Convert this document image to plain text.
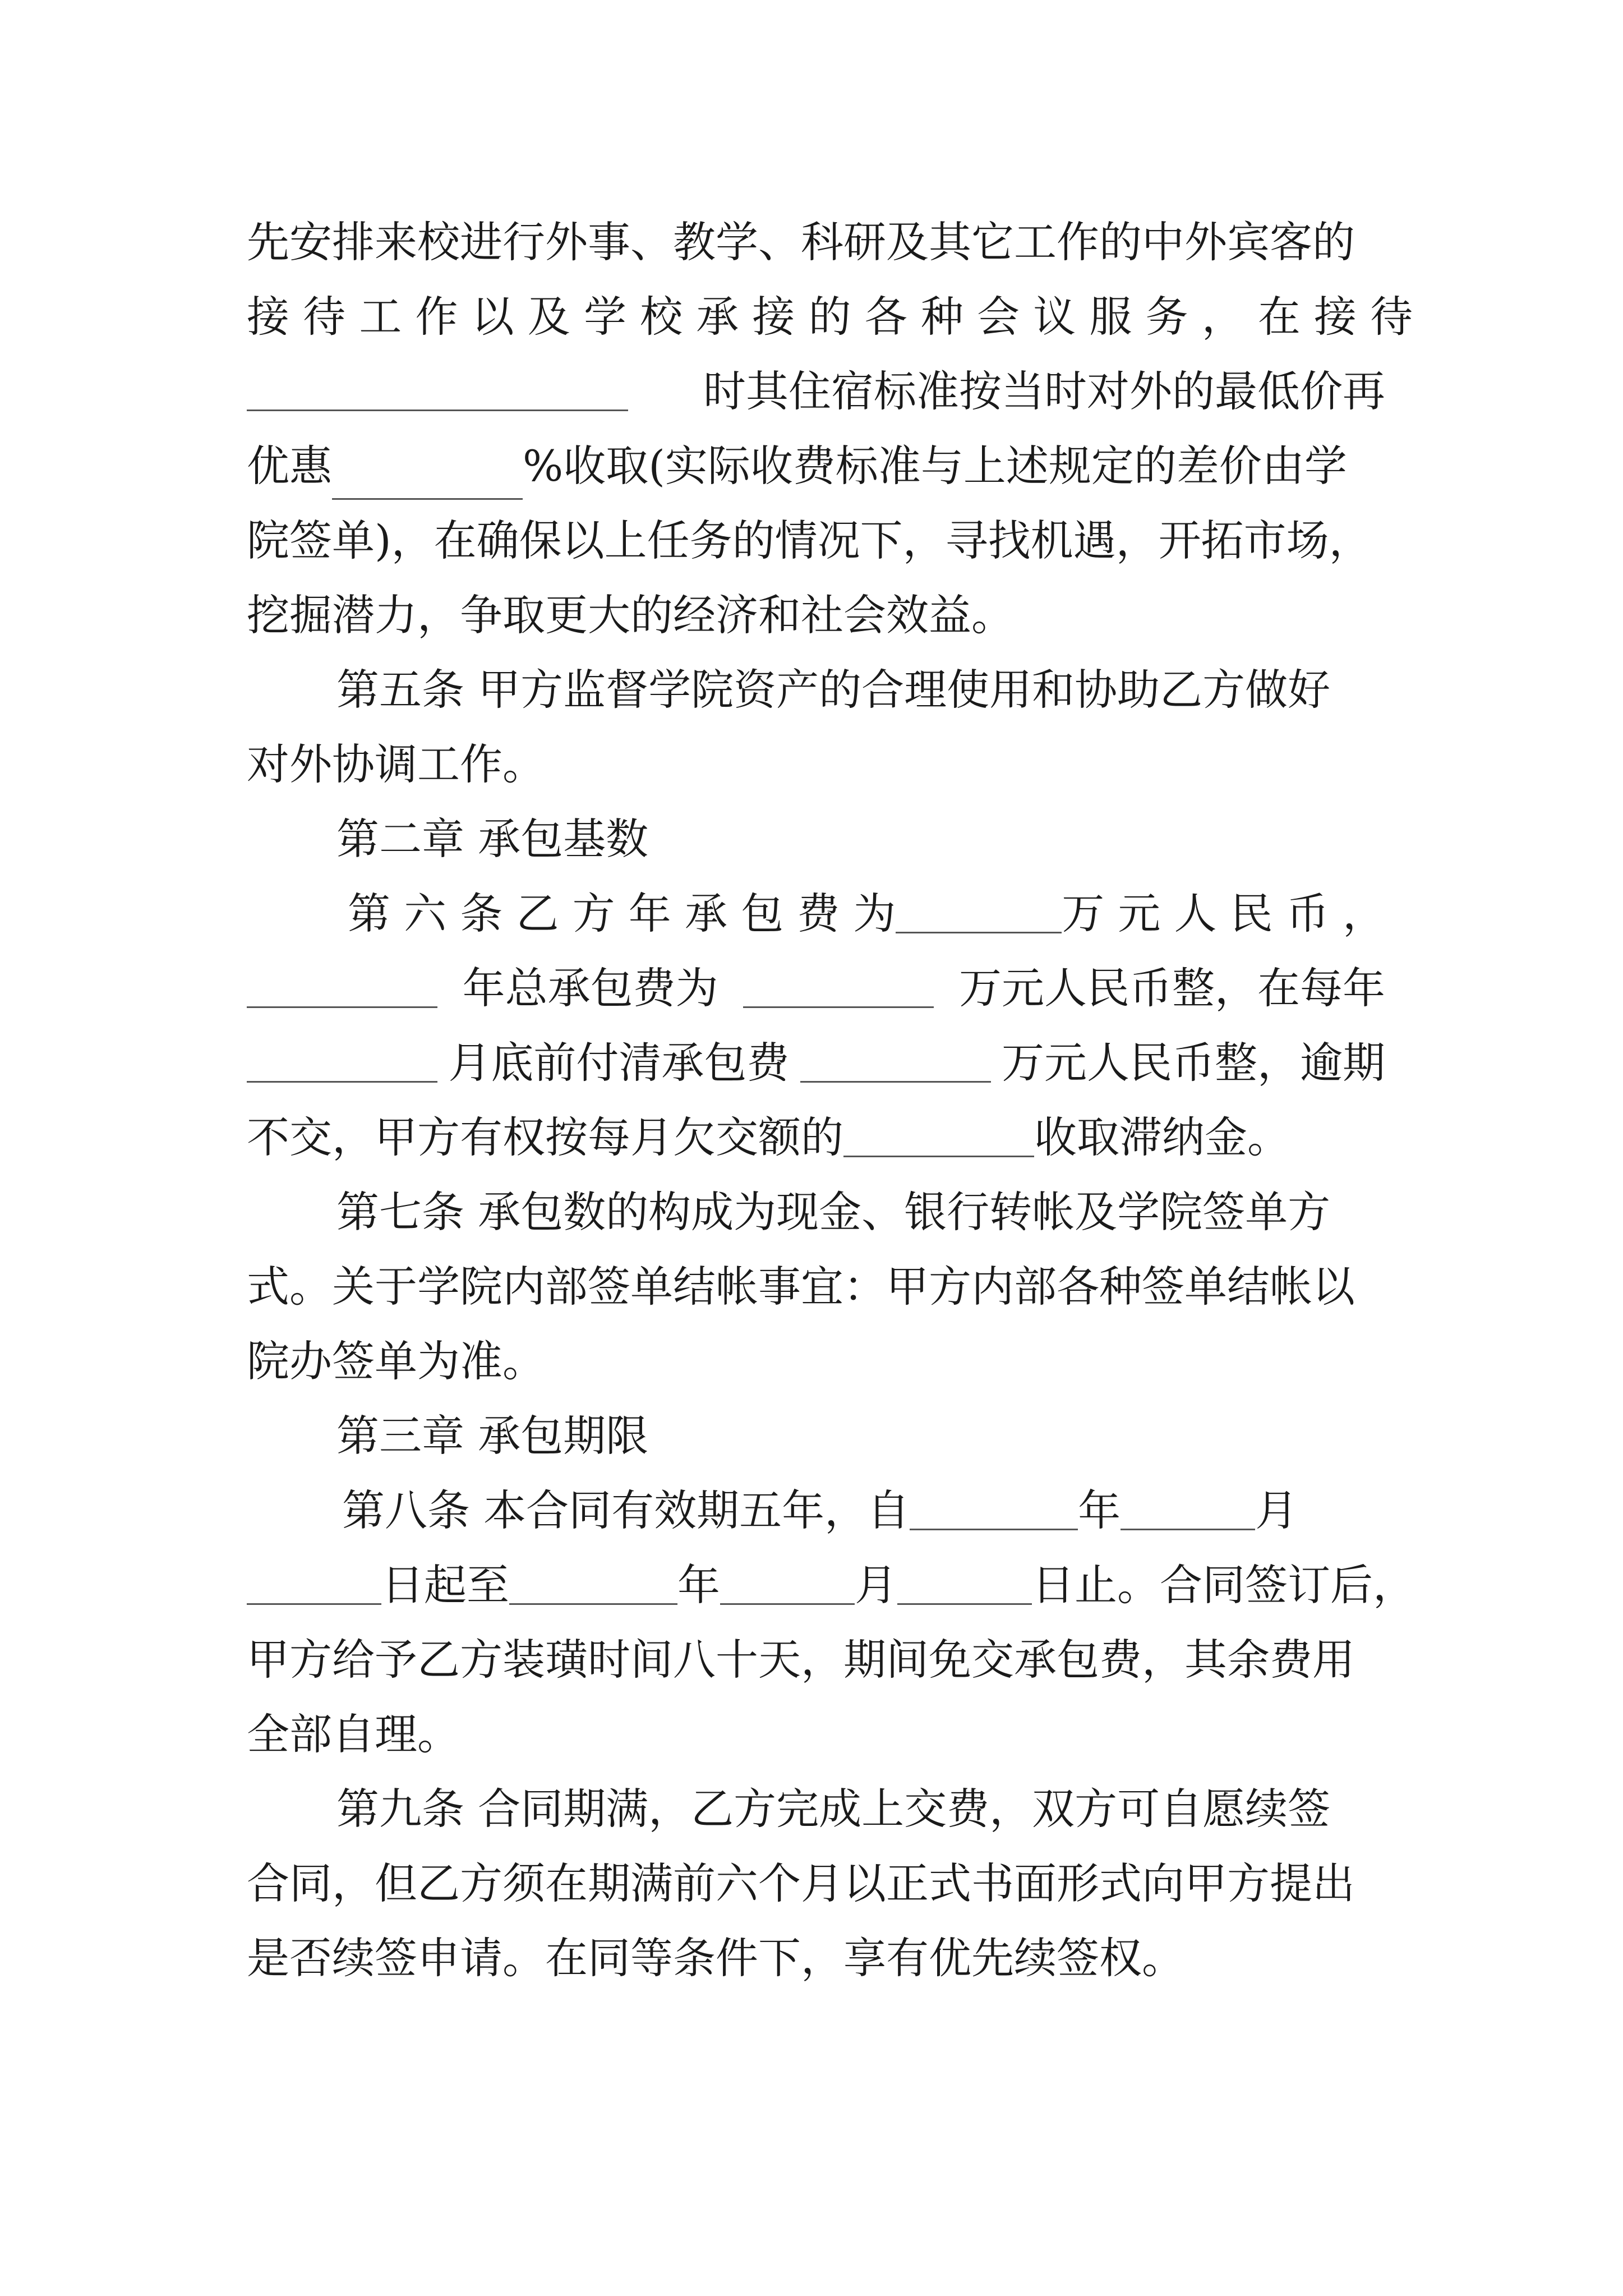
先安排来校进行外事、教学、科研及其它工作的中外宾客的
接 待 工 作 以 及 学 校 承 接 的 各 种 会 议 服 务 ， 在 接 待
时其住宿标准按当时对外的最低价再
优惠	%收取(实际收费标准与上述规定的差价由学
院签单)，在确保以上任务的情况下，寻找机遇，开拓市场，
挖掘潜力，争取更大的经济和社会效益。
第五条 甲方监督学院资产的合理使用和协助乙方做好
对外协调工作。
第二章 承包基数
第 六 条 乙 方 年 承 包 费 为	万 元 人 民 币 ，
年总承包费为	万元人民币整，在每年
月底前付清承包费	万元人民币整，逾期
不交，甲方有权按每月欠交额的	收取滞纳金。
第七条 承包数的构成为现金、银行转帐及学院签单方
式。关于学院内部签单结帐事宜：甲方内部各种签单结帐以
院办签单为准。
第三章 承包期限
第八条 本合同有效期五年，自	年	月
日起至	年	月	日止。合同签订后，
甲方给予乙方装璜时间八十天，期间免交承包费，其余费用
全部自理。
第九条 合同期满，乙方完成上交费，双方可自愿续签
合同，但乙方须在期满前六个月以正式书面形式向甲方提出
是否续签申请。在同等条件下，享有优先续签权。
